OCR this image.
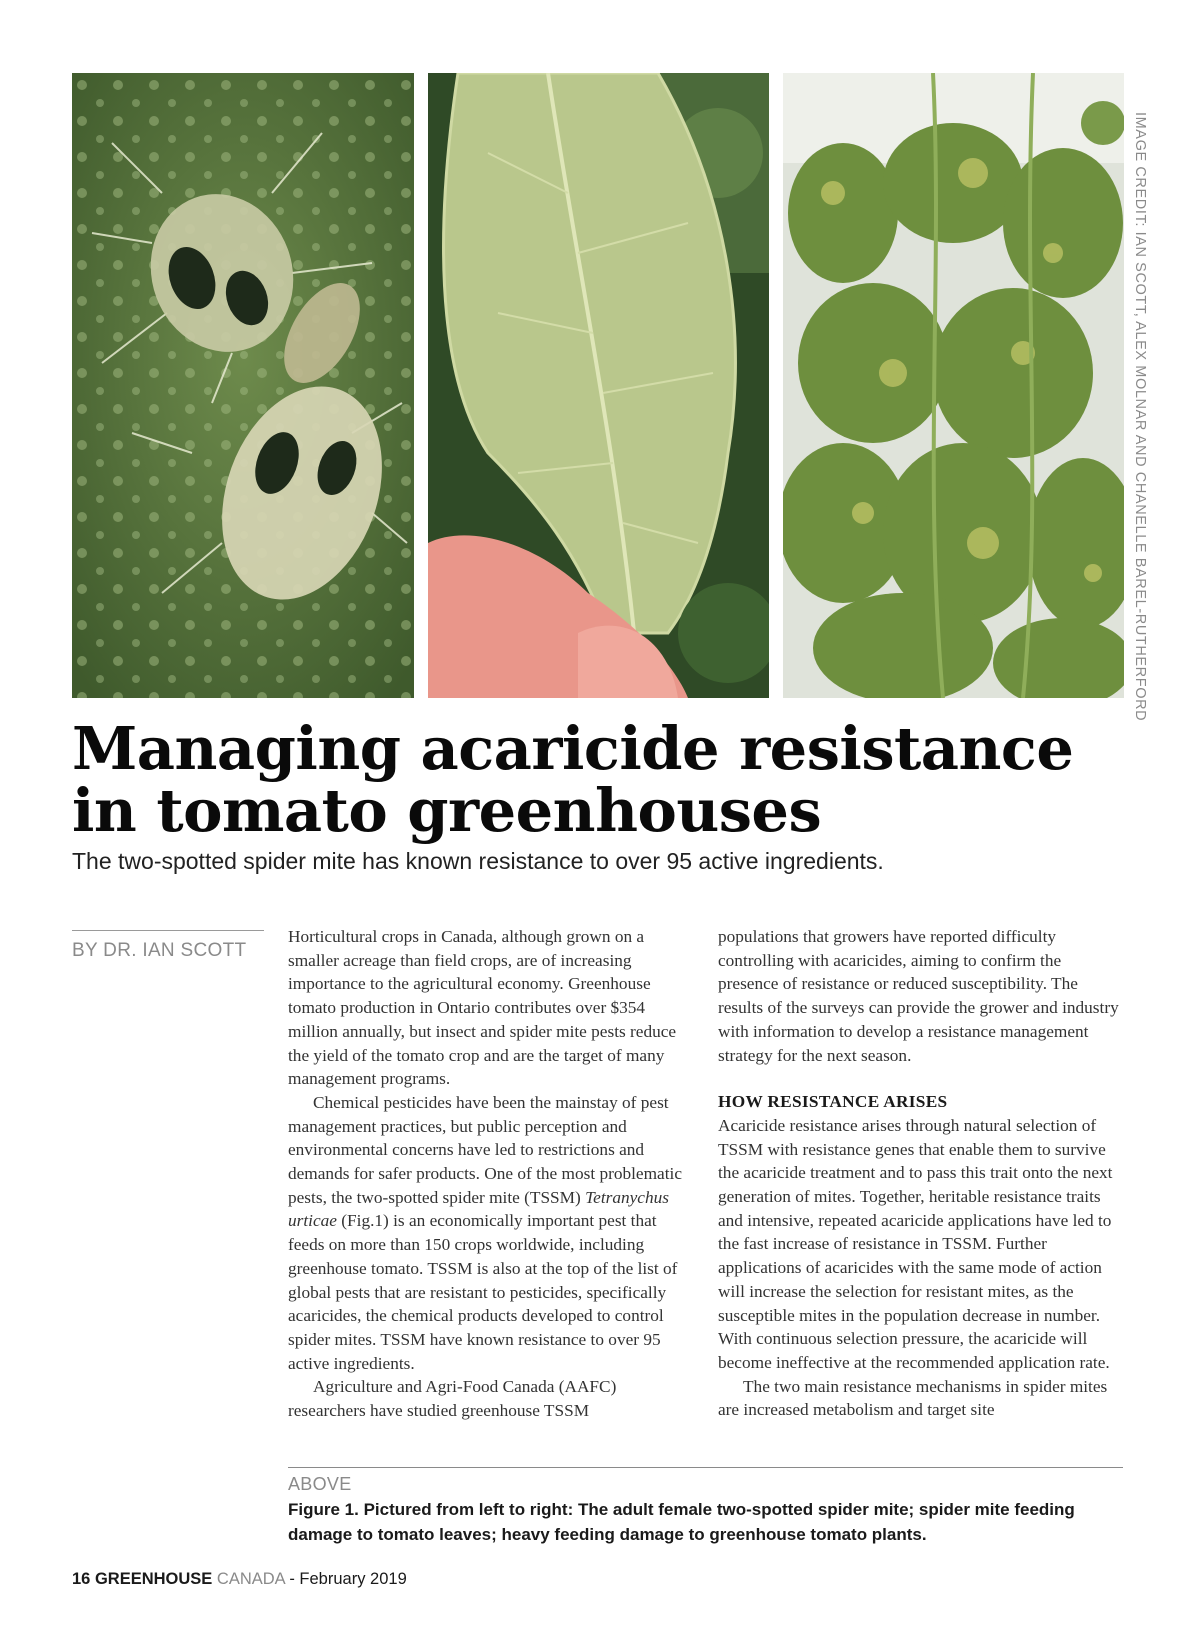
IMAGE CREDIT: IAN SCOTT, ALEX MOLNAR AND CHANELLE BAREL-RUTHERFORD
Managing acaricide resistance in tomato greenhouses

The two-spotted spider mite has known resistance to over 95 active ingredients.

BY DR. IAN SCOTT

Horticultural crops in Canada, although grown on a smaller acreage than field crops, are of increasing importance to the agricultural economy. Greenhouse tomato production in Ontario contributes over $354 million annually, but insect and spider mite pests reduce the yield of the tomato crop and are the target of many management programs.

Chemical pesticides have been the mainstay of pest management practices, but public perception and environmental concerns have led to restrictions and demands for safer products. One of the most problematic pests, the two-spotted spider mite (TSSM) Tetranychus urticae (Fig.1) is an economically important pest that feeds on more than 150 crops worldwide, including greenhouse tomato. TSSM is also at the top of the list of global pests that are resistant to pesticides, specifically acaricides, the chemical products developed to control spider mites. TSSM have known resistance to over 95 active ingredients.

Agriculture and Agri-Food Canada (AAFC) researchers have studied greenhouse TSSM

populations that growers have reported difficulty controlling with acaricides, aiming to confirm the presence of resistance or reduced susceptibility. The results of the surveys can provide the grower and industry with information to develop a resistance management strategy for the next season.

HOW RESISTANCE ARISES

Acaricide resistance arises through natural selection of TSSM with resistance genes that enable them to survive the acaricide treatment and to pass this trait onto the next generation of mites. Together, heritable resistance traits and intensive, repeated acaricide applications have led to the fast increase of resistance in TSSM. Further applications of acaricides with the same mode of action will increase the selection for resistant mites, as the susceptible mites in the population decrease in number. With continuous selection pressure, the acaricide will become ineffective at the recommended application rate.

The two main resistance mechanisms in spider mites are increased metabolism and target site

ABOVE

Figure 1. Pictured from left to right: The adult female two-spotted spider mite; spider mite feeding damage to tomato leaves; heavy feeding damage to greenhouse tomato plants.

16 GREENHOUSE CANADA - February 2019
